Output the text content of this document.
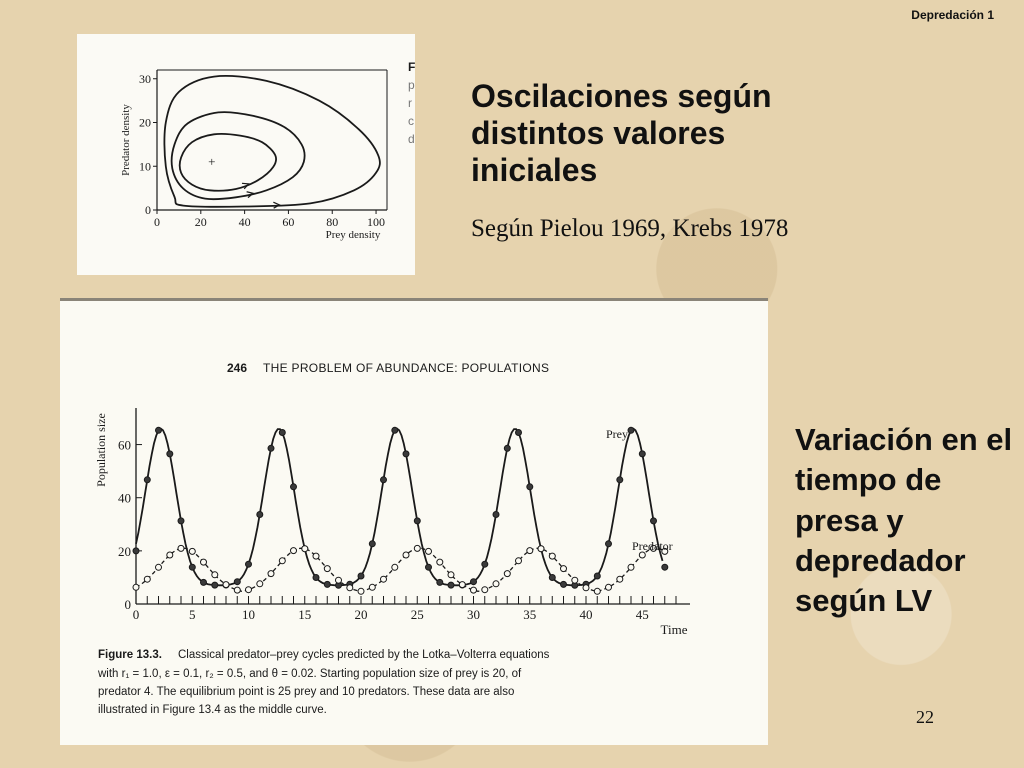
Depredación 1
0	20	40	60	80 100
0
10
20
30
Prey density
Predator density	+
F
p
r
c
d
Oscilaciones según distintos valores iniciales
Según Pielou 1969, Krebs 1978
246 THE PROBLEM OF ABUNDANCE: POPULATIONS
Figure 13.3. Classical predator–prey cycles predicted by the Lotka–Volterra equations
with r₁ = 1.0, ε = 0.1, r₂ = 0.5, and θ = 0.02. Starting population size of prey is 20, of
predator 4. The equilibrium point is 25 prey and 10 predators. These data are also
illustrated in Figure 13.4 as the middle curve.
0	5	10	15	20	25	30	35	40	45
0
20
40
60
Time
Population size	Prey
Predator
Variación en el tiempo de presa y depredador según LV
22
